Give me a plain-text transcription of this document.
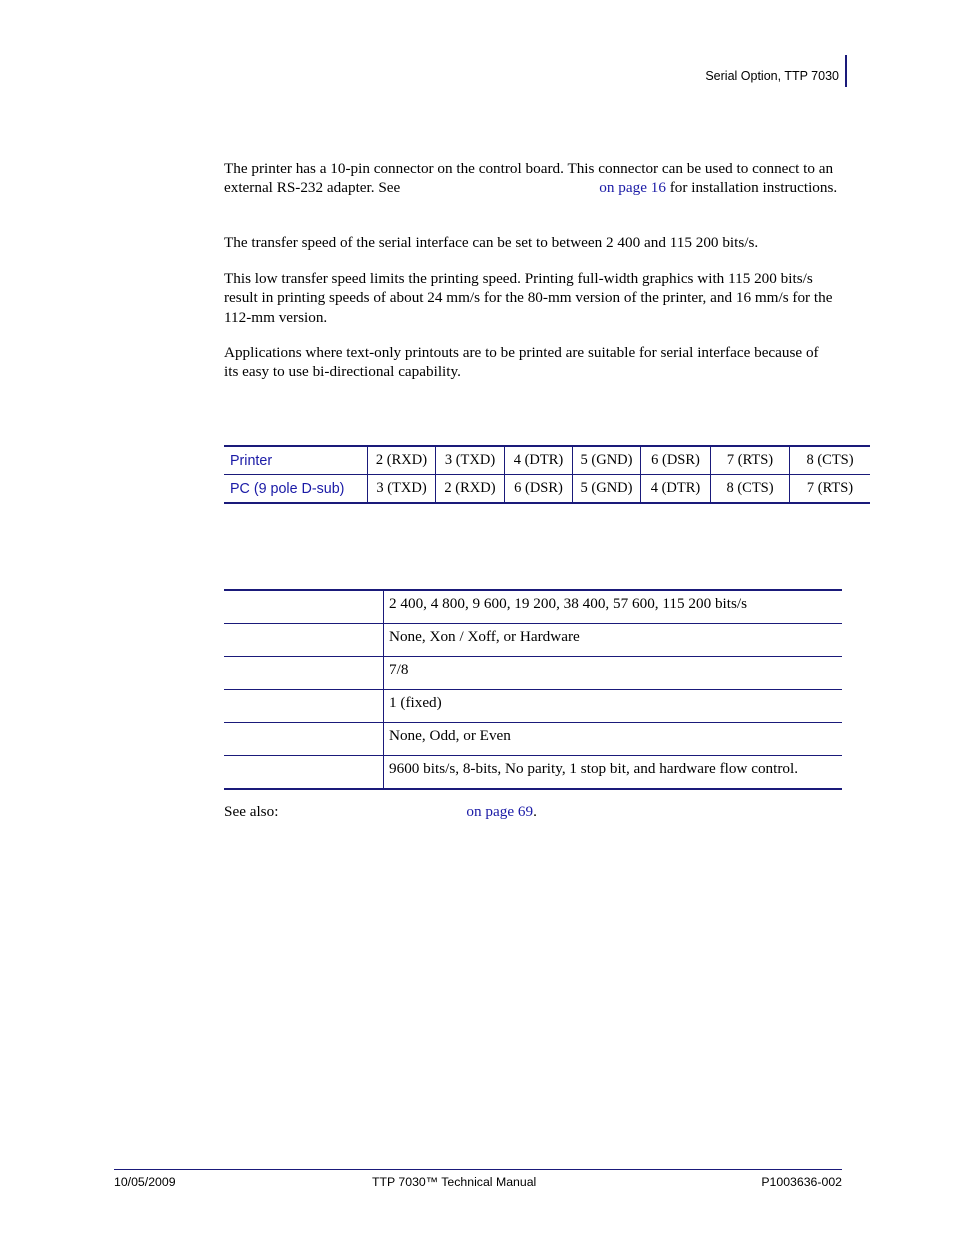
Serial Option, TTP 7030

The printer has a 10-pin connector on the control board. This connector can be used to connect to an external RS-232 adapter. See	on page 16 for installation instructions.

The transfer speed of the serial interface can be set to between 2 400 and 115 200 bits/s.

This low transfer speed limits the printing speed. Printing full-width graphics with 115 200 bits/s result in printing speeds of about 24 mm/s for the 80-mm version of the printer, and 16 mm/s for the 112-mm version.

Applications where text-only printouts are to be printed are suitable for serial interface because of its easy to use bi-directional capability.

Printer	2 (RXD)	3 (TXD)	4 (DTR)	5 (GND)	6 (DSR)	7 (RTS)	8 (CTS)
PC (9 pole D-sub)	3 (TXD)	2 (RXD)	6 (DSR)	5 (GND)	4 (DTR)	8 (CTS)	7 (RTS)
	2 400, 4 800, 9 600, 19 200, 38 400, 57 600, 115 200 bits/s
	None, Xon / Xoff, or Hardware
	7/8
	1 (fixed)
	None, Odd, or Even
	9600 bits/s, 8-bits, No parity, 1 stop bit, and hardware flow control.
See also:	on page 69.
10/05/2009	TTP 7030™ Technical Manual	P1003636-002
